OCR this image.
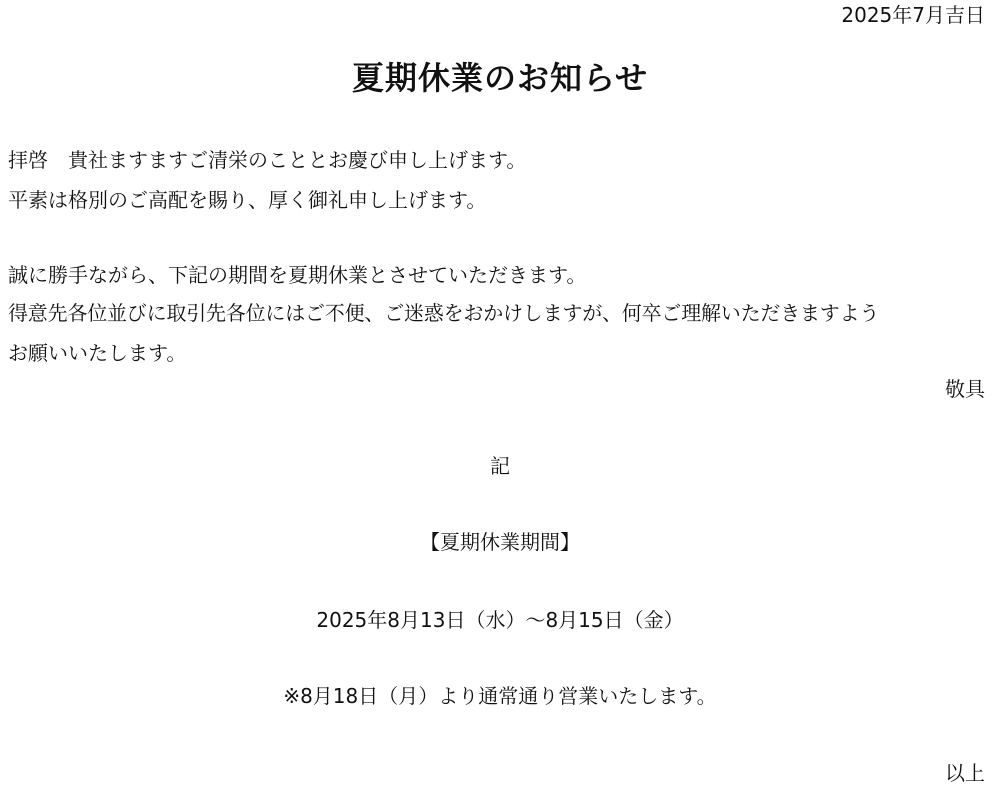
2025年7月吉日
夏期休業のお知らせ
拝啓　貴社ますますご清栄のこととお慶び申し上げます。
平素は格別のご高配を賜り、厚く御礼申し上げます。
誠に勝手ながら、下記の期間を夏期休業とさせていただきます。
得意先各位並びに取引先各位にはご不便、ご迷惑をおかけしますが、何卒ご理解いただきますよう
お願いいたします。
敬具
記
【夏期休業期間】
2025年8月13日（水）〜8月15日（金）
※8月18日（月）より通常通り営業いたします。
以上
